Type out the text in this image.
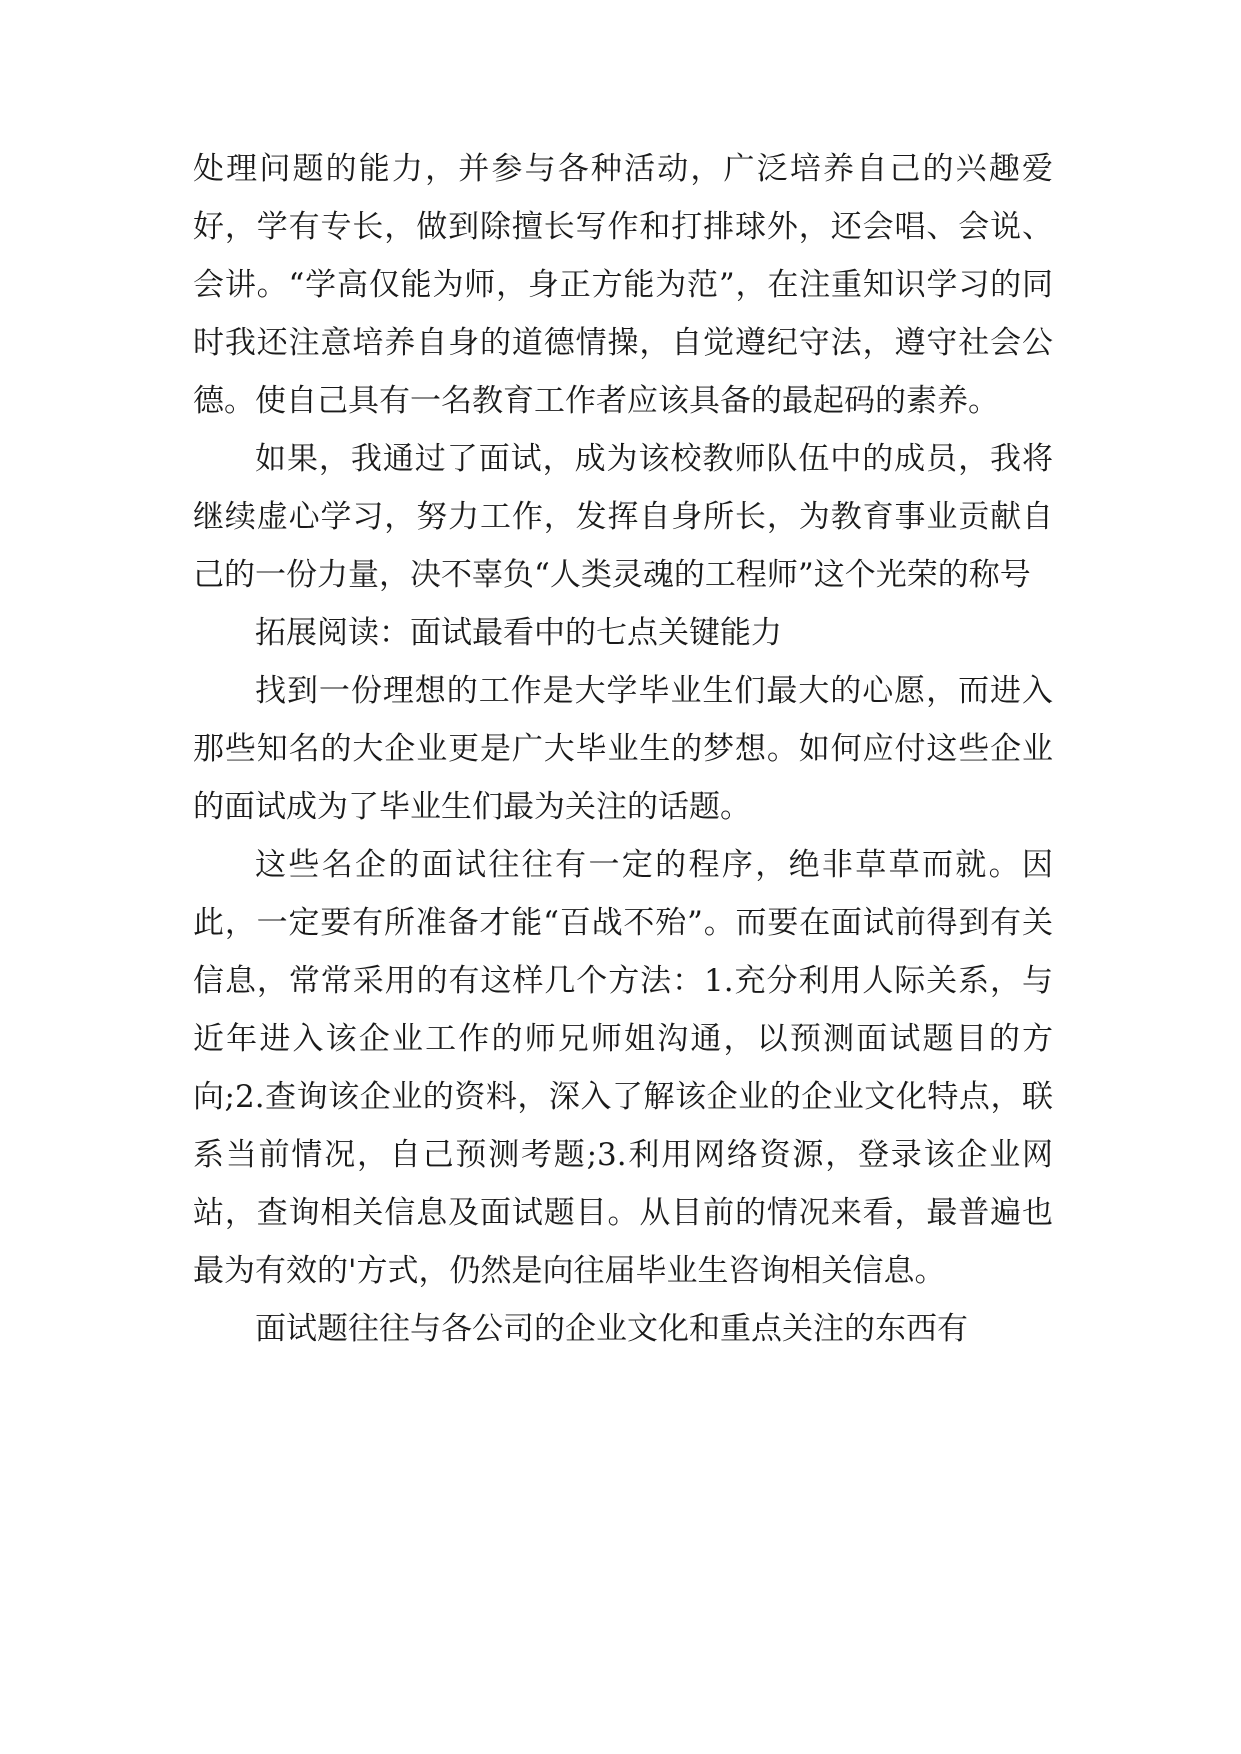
处理问题的能力，并参与各种活动，广泛培养自己的兴趣爱好，学有专长，做到除擅长写作和打排球外，还会唱、会说、会讲。“学高仅能为师，身正方能为范”，在注重知识学习的同时我还注意培养自身的道德情操，自觉遵纪守法，遵守社会公德。使自己具有一名教育工作者应该具备的最起码的素养。

如果，我通过了面试，成为该校教师队伍中的成员，我将继续虚心学习，努力工作，发挥自身所长，为教育事业贡献自己的一份力量，决不辜负“人类灵魂的工程师”这个光荣的称号

拓展阅读：面试最看中的七点关键能力

找到一份理想的工作是大学毕业生们最大的心愿，而进入那些知名的大企业更是广大毕业生的梦想。如何应付这些企业的面试成为了毕业生们最为关注的话题。

这些名企的面试往往有一定的程序，绝非草草而就。因此，一定要有所准备才能“百战不殆”。而要在面试前得到有关信息，常常采用的有这样几个方法：1.充分利用人际关系，与近年进入该企业工作的师兄师姐沟通，以预测面试题目的方向;2.查询该企业的资料，深入了解该企业的企业文化特点，联系当前情况，自己预测考题;3.利用网络资源，登录该企业网站，查询相关信息及面试题目。从目前的情况来看，最普遍也最为有效的'方式，仍然是向往届毕业生咨询相关信息。

面试题往往与各公司的企业文化和重点关注的东西有
